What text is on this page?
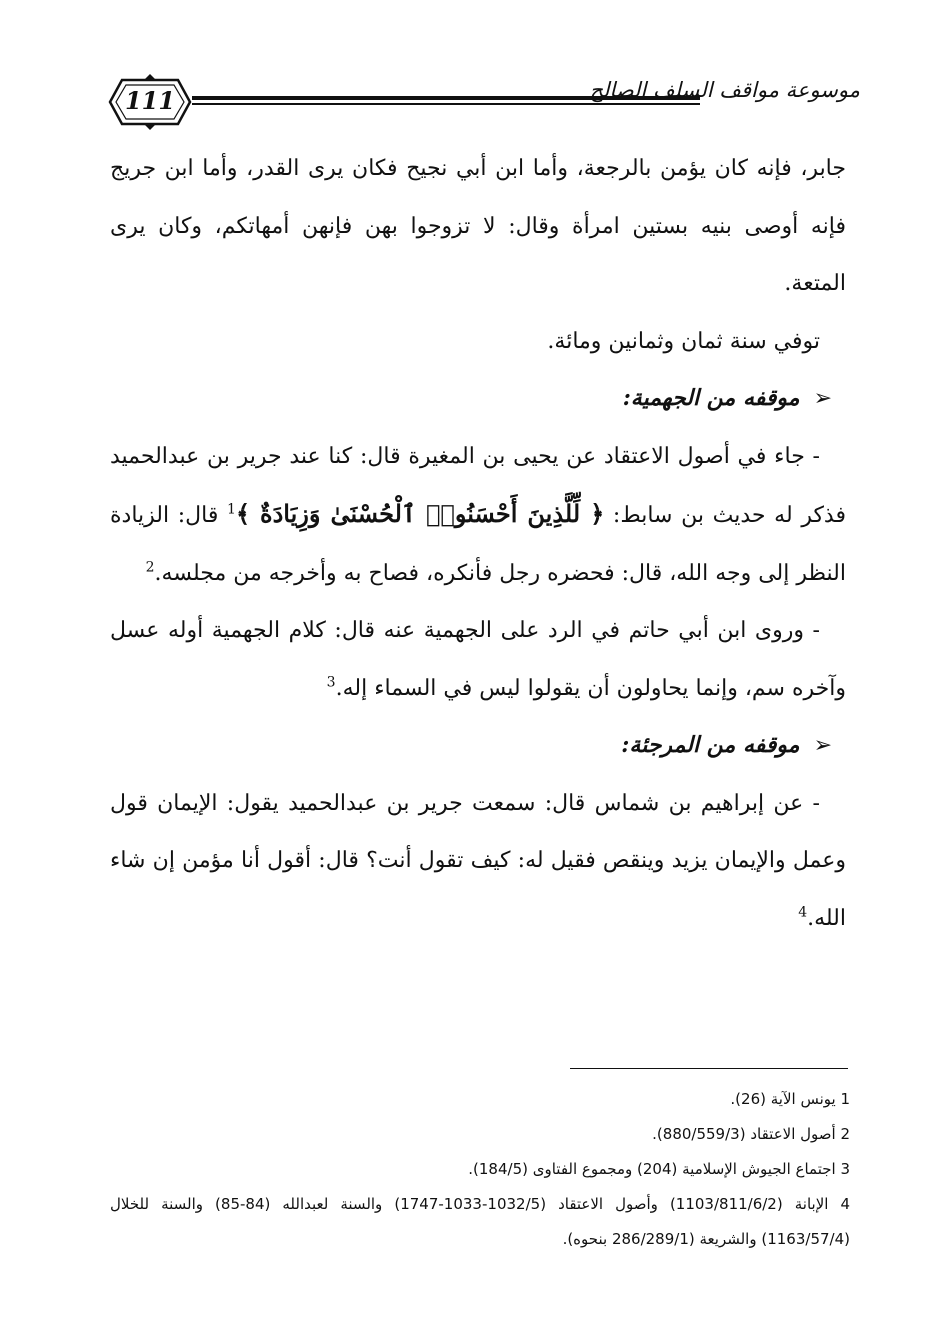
111	موسوعة مواقف السلف الصالح

جابر، فإنه كان يؤمن بالرجعة، وأما ابن أبي نجيح فكان يرى القدر، وأما ابن جريج فإنه أوصى بنيه بستين امرأة وقال: لا تزوجوا بهن فإنهن أمهاتكم، وكان يرى المتعة.

توفي سنة ثمان وثمانين ومائة.

➢موقفه من الجهمية:

- جاء في أصول الاعتقاد عن يحيى بن المغيرة قال: كنا عند جرير بن عبدالحميد فذكر له حديث بن سابط: ﴿ لِّلَّذِينَ أَحْسَنُوا۟ ٱلْحُسْنَىٰ وَزِيَادَةٌ ﴾$^1$ قال: الزيادة النظر إلى وجه الله، قال: فحضره رجل فأنكره، فصاح به وأخرجه من مجلسه.$^2$

- وروى ابن أبي حاتم في الرد على الجهمية عنه قال: كلام الجهمية أوله عسل وآخره سم، وإنما يحاولون أن يقولوا ليس في السماء إله.$^3$

➢موقفه من المرجئة:

- عن إبراهيم بن شماس قال: سمعت جرير بن عبدالحميد يقول: الإيمان قول وعمل والإيمان يزيد وينقص فقيل له: كيف تقول أنت؟ قال: أقول أنا مؤمن إن شاء الله.$^4$

1 يونس الآية (26).

2 أصول الاعتقاد (880/559/3).

3 اجتماع الجيوش الإسلامية (204) ومجموع الفتاوى (184/5).

4 الإبانة (1103/811/6/2) وأصول الاعتقاد (1032/5-1033-1747) والسنة لعبدالله (84-85) والسنة للخلال (1163/57/4) والشريعة (286/289/1 بنحوه).
